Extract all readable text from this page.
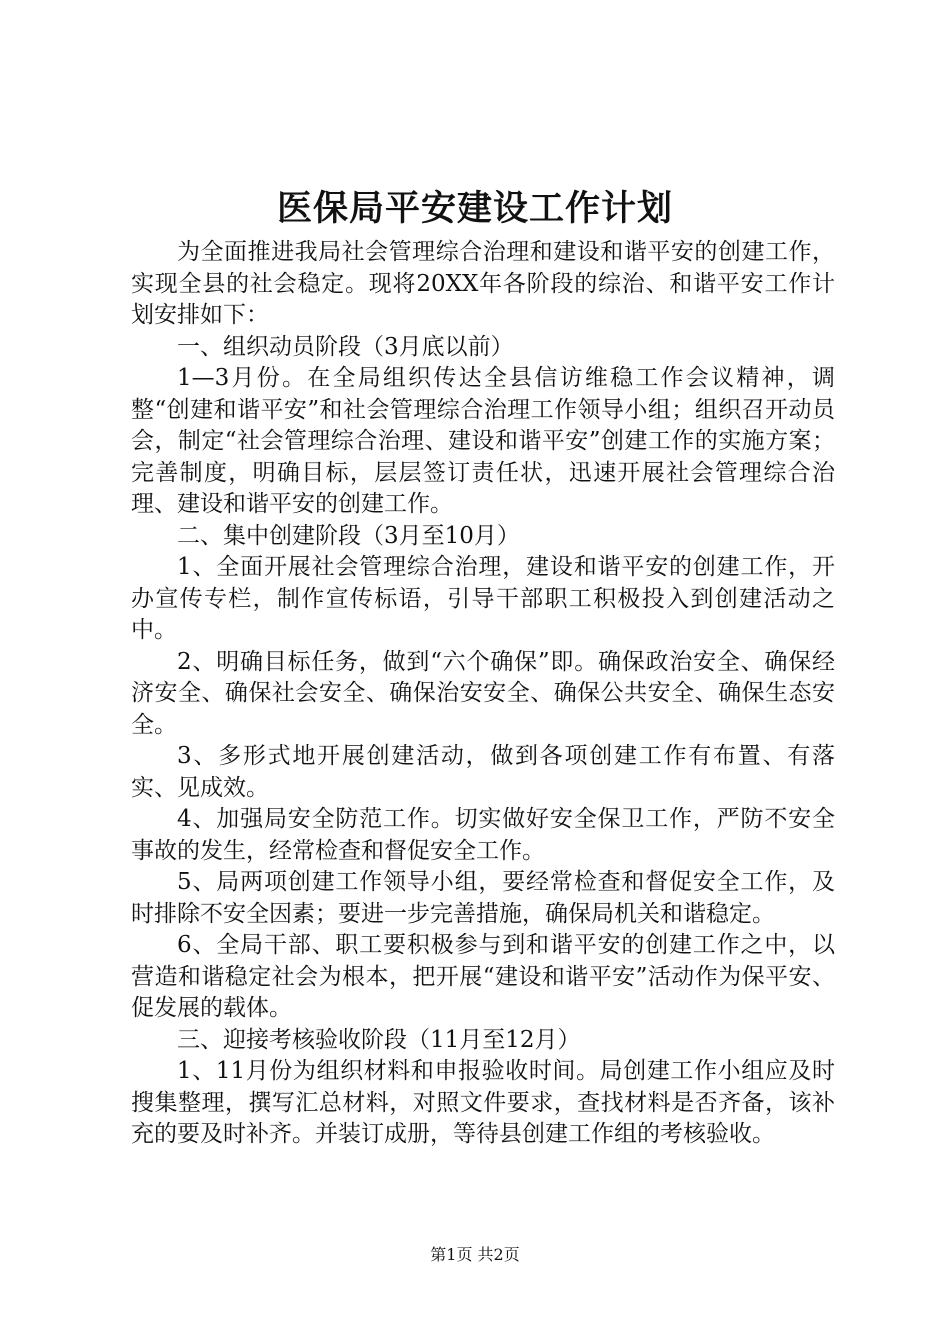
医保局平安建设工作计划

为全面推进我局社会管理综合治理和建设和谐平安的创建工作，实现全县的社会稳定。现将20XX年各阶段的综治、和谐平安工作计划安排如下：

一、组织动员阶段（3月底以前）

1—3月份。在全局组织传达全县信访维稳工作会议精神，调整“创建和谐平安”和社会管理综合治理工作领导小组；组织召开动员会，制定“社会管理综合治理、建设和谐平安”创建工作的实施方案；完善制度，明确目标，层层签订责任状，迅速开展社会管理综合治理、建设和谐平安的创建工作。

二、集中创建阶段（3月至10月）

1、全面开展社会管理综合治理，建设和谐平安的创建工作，开办宣传专栏，制作宣传标语，引导干部职工积极投入到创建活动之中。

2、明确目标任务，做到“六个确保”即。确保政治安全、确保经济安全、确保社会安全、确保治安安全、确保公共安全、确保生态安全。

3、多形式地开展创建活动，做到各项创建工作有布置、有落实、见成效。

4、加强局安全防范工作。切实做好安全保卫工作，严防不安全事故的发生，经常检查和督促安全工作。

5、局两项创建工作领导小组，要经常检查和督促安全工作，及时排除不安全因素；要进一步完善措施，确保局机关和谐稳定。

6、全局干部、职工要积极参与到和谐平安的创建工作之中，以营造和谐稳定社会为根本，把开展“建设和谐平安”活动作为保平安、促发展的载体。

三、迎接考核验收阶段（11月至12月）

1、11月份为组织材料和申报验收时间。局创建工作小组应及时搜集整理，撰写汇总材料，对照文件要求，查找材料是否齐备，该补充的要及时补齐。并装订成册，等待县创建工作组的考核验收。

第1页 共2页
